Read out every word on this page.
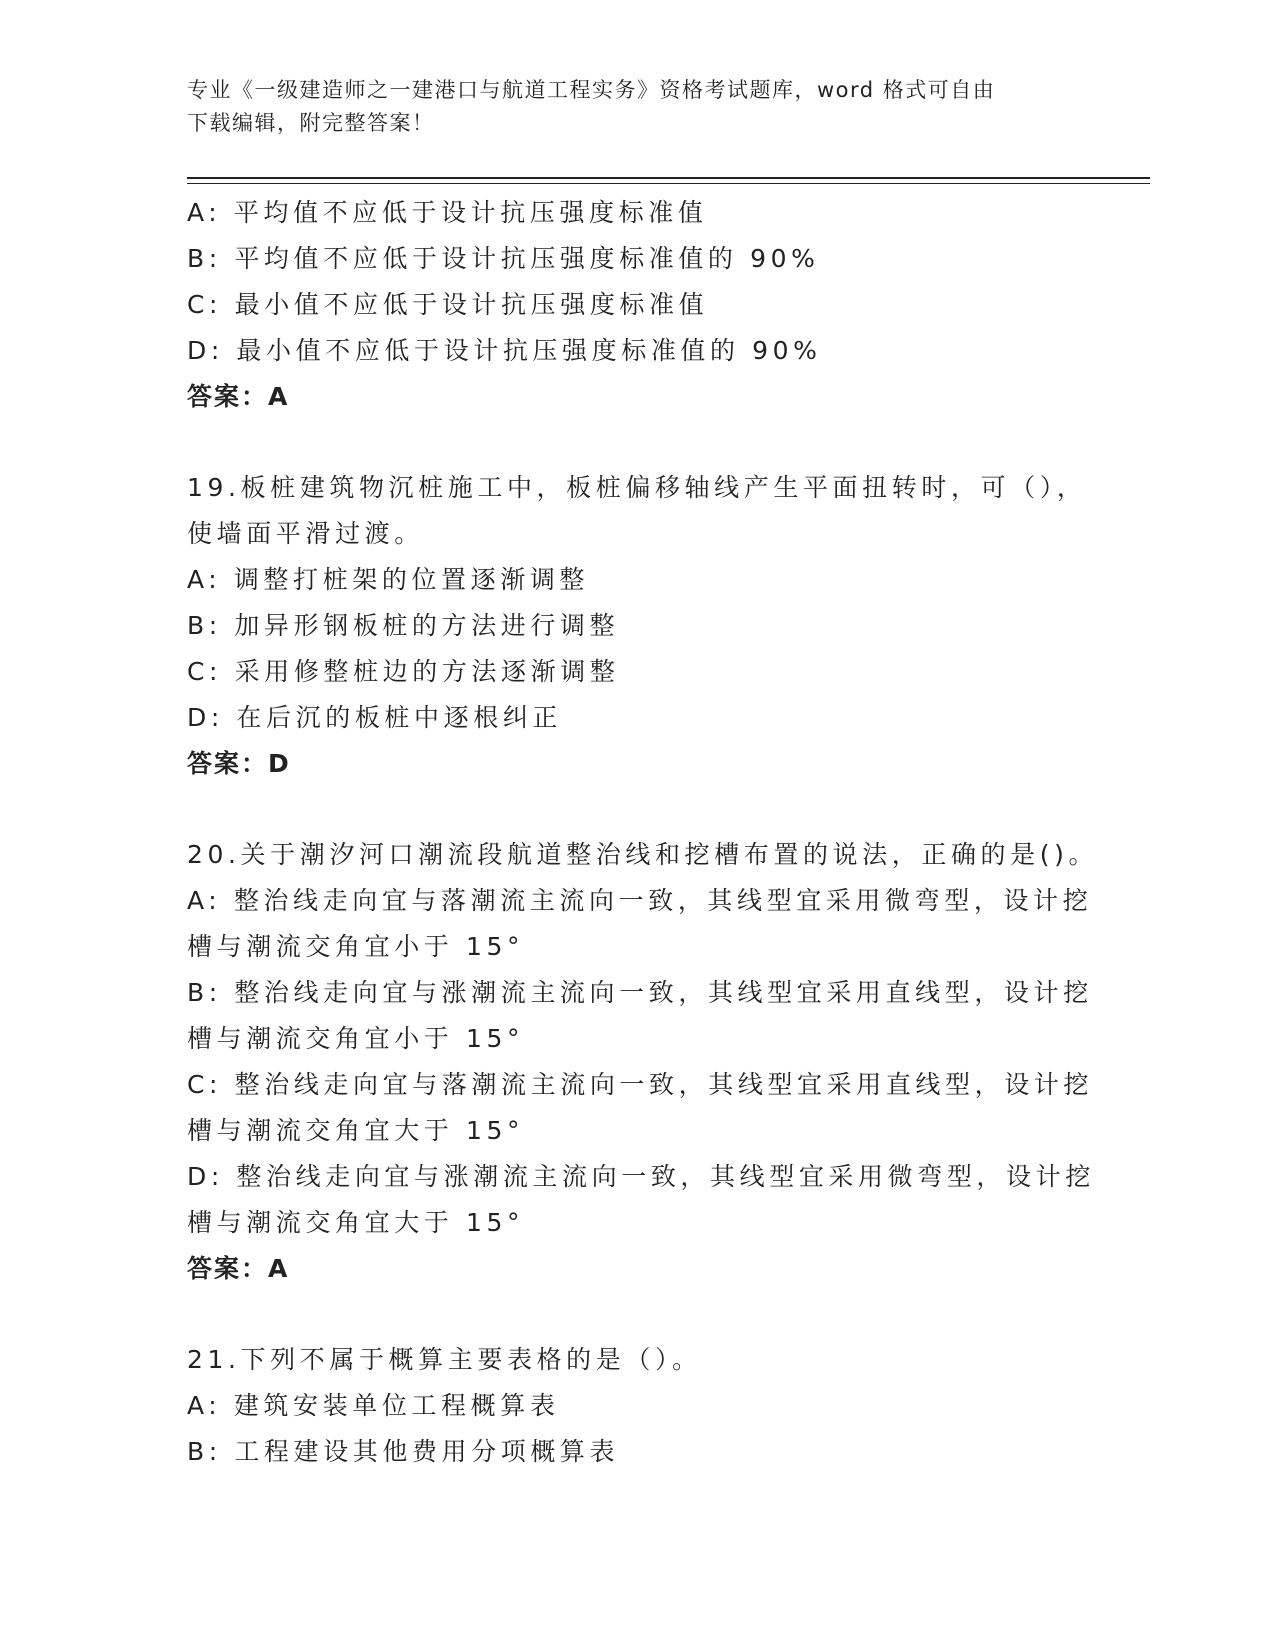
专业《一级建造师之一建港口与航道工程实务》资格考试题库，word 格式可自由
下载编辑，附完整答案！
A: 平均值不应低于设计抗压强度标准值
B: 平均值不应低于设计抗压强度标准值的 90%
C: 最小值不应低于设计抗压强度标准值
D: 最小值不应低于设计抗压强度标准值的 90%
答案：A
19.板桩建筑物沉桩施工中，板桩偏移轴线产生平面扭转时，可（），
使墙面平滑过渡。
A: 调整打桩架的位置逐渐调整
B: 加异形钢板桩的方法进行调整
C: 采用修整桩边的方法逐渐调整
D: 在后沉的板桩中逐根纠正
答案：D
20.关于潮汐河口潮流段航道整治线和挖槽布置的说法，正确的是()。
A: 整治线走向宜与落潮流主流向一致，其线型宜采用微弯型，设计挖
槽与潮流交角宜小于 15°
B: 整治线走向宜与涨潮流主流向一致，其线型宜采用直线型，设计挖
槽与潮流交角宜小于 15°
C: 整治线走向宜与落潮流主流向一致，其线型宜采用直线型，设计挖
槽与潮流交角宜大于 15°
D: 整治线走向宜与涨潮流主流向一致，其线型宜采用微弯型，设计挖
槽与潮流交角宜大于 15°
答案：A
21.下列不属于概算主要表格的是（）。
A: 建筑安装单位工程概算表
B: 工程建设其他费用分项概算表
